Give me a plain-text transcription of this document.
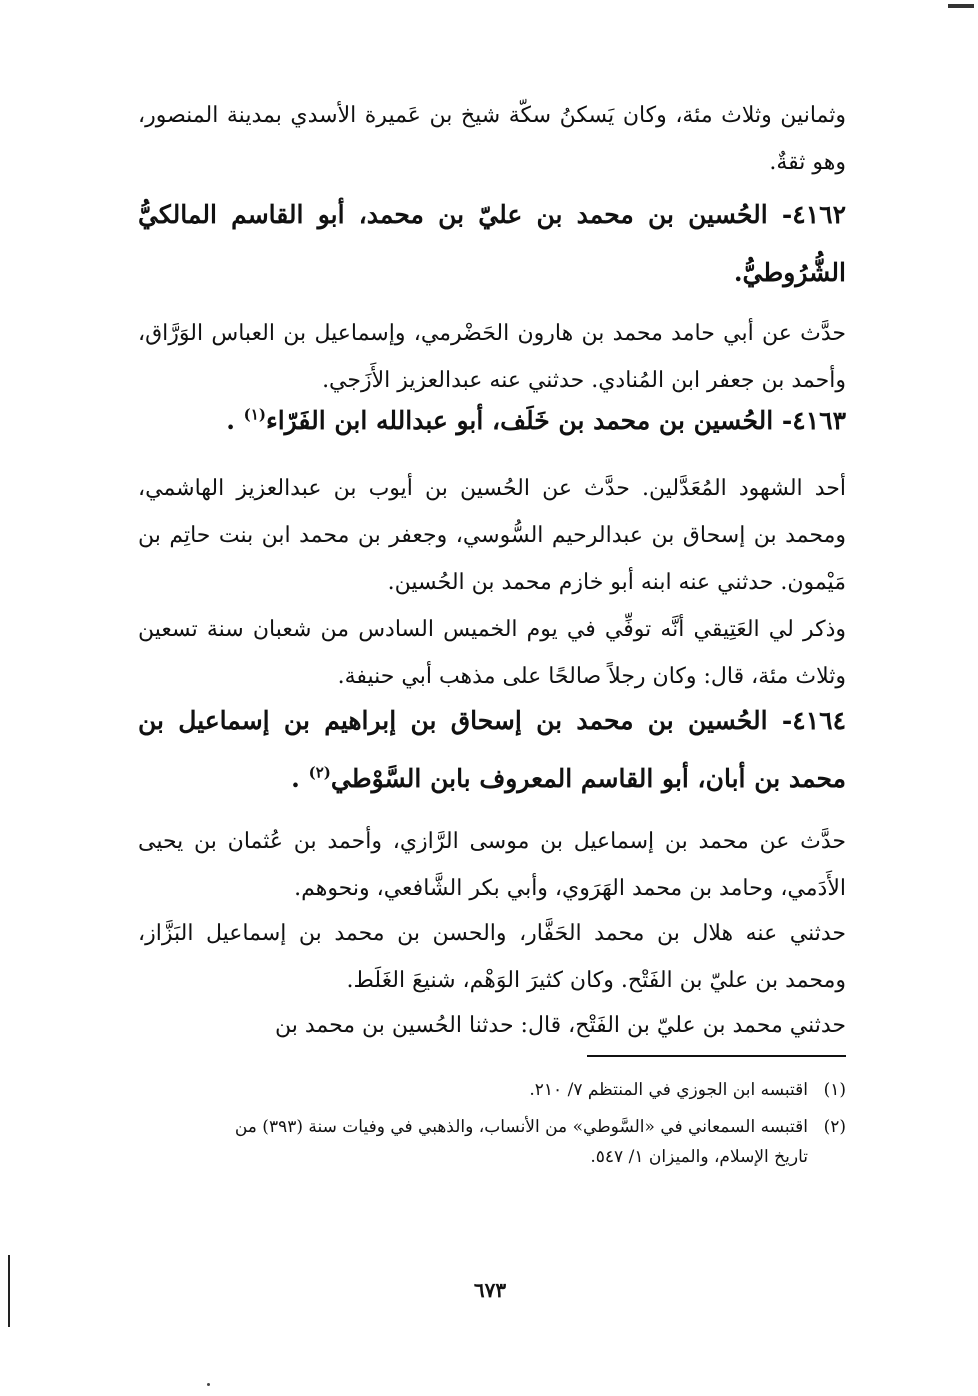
وثمانين وثلاث مئة، وكان يَسكنُ سكّة شيخ بن عَميرة الأسدي بمدينة المنصور، وهو ثقةٌ.

٤١٦٢- الحُسين بن محمد بن عليّ بن محمد، أبو القاسم المالكيُّ الشُّرُوطيُّ.

حدَّث عن أبي حامد محمد بن هارون الحَضْرمي، وإسماعيل بن العباس الوَرَّاق، وأحمد بن جعفر ابن المُنادي. حدثني عنه عبدالعزيز الأَزَجي.

٤١٦٣- الحُسين بن محمد بن خَلَف، أبو عبدالله ابن الفَرّاء$^{(١)}$ .

أحد الشهود المُعَدَّلين. حدَّث عن الحُسين بن أيوب بن عبدالعزيز الهاشمي، ومحمد بن إسحاق بن عبدالرحيم السُّوسي، وجعفر بن محمد ابن بنت حاتِم بن مَيْمون. حدثني عنه ابنه أبو خازم محمد بن الحُسين.

وذكر لي العَتِيقي أنَّه توفِّي في يوم الخميس السادس من شعبان سنة تسعين وثلاث مئة، قال: وكان رجلاً صالحًا على مذهب أبي حنيفة.

٤١٦٤- الحُسين بن محمد بن إسحاق بن إبراهيم بن إسماعيل بن محمد بن أبان، أبو القاسم المعروف بابن السَّوْطي$^{(٢)}$ .

حدَّث عن محمد بن إسماعيل بن موسى الرَّازي، وأحمد بن عُثمان بن يحيى الأَدَمي، وحامد بن محمد الهَرَوي، وأبي بكر الشَّافعي، ونحوهم.

حدثني عنه هلال بن محمد الحَفَّار، والحسن بن محمد بن إسماعيل البَزَّاز، ومحمد بن عليّ بن الفَتْح. وكان كثيرَ الوَهْم، شنيعَ الغَلَط.

حدثني محمد بن عليّ بن الفَتْح، قال: حدثنا الحُسين بن محمد بن

(١)اقتبسه ابن الجوزي في المنتظم ٧/ ٢١٠.
(٢)اقتبسه السمعاني في «السَّوطي» من الأنساب، والذهبي في وفيات سنة (٣٩٣) من
تاريخ الإسلام، والميزان ١/ ٥٤٧.
٦٧٣
